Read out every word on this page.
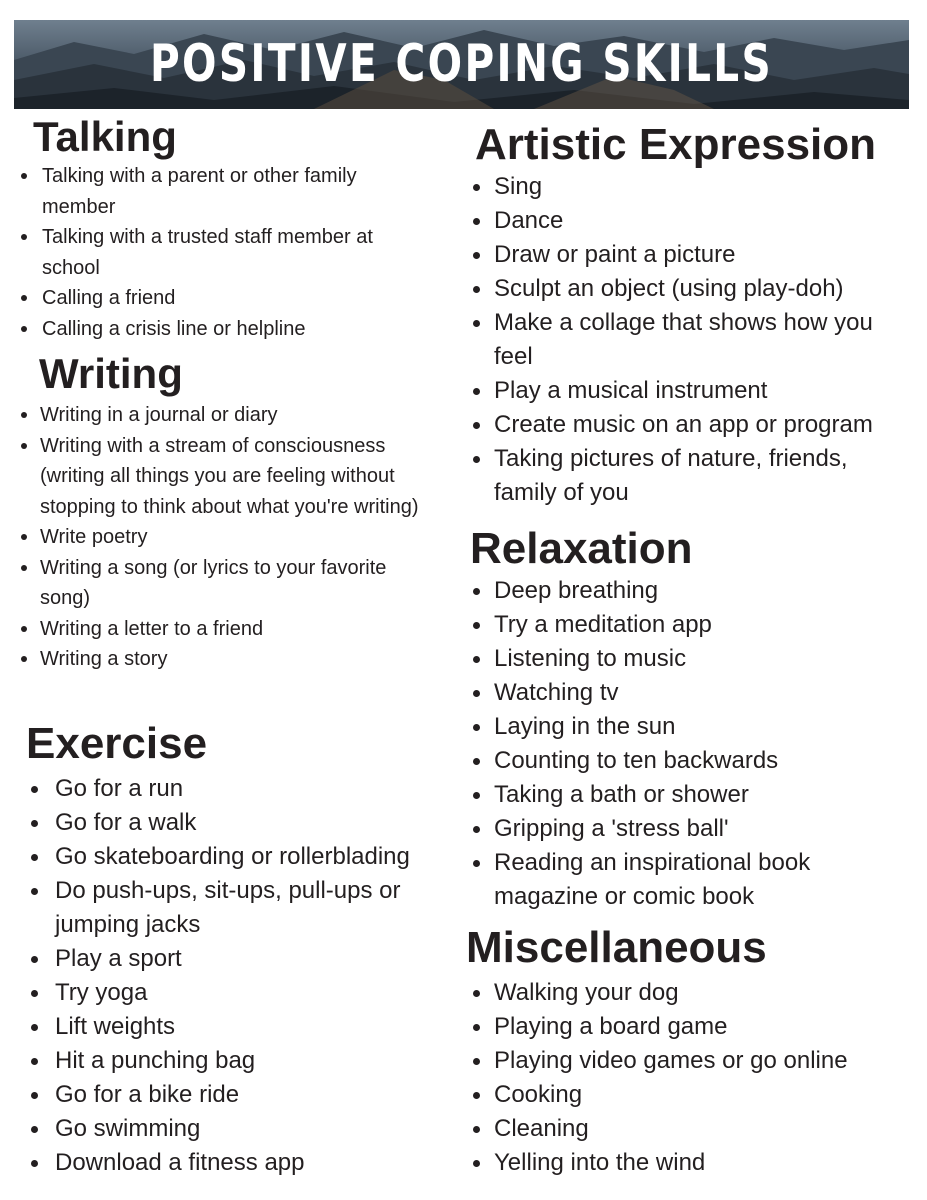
POSITIVE COPING SKILLS
Talking
Talking with a parent or other family member
Talking with a trusted staff member at school
Calling a friend
Calling a crisis line or helpline
Writing
Writing in a journal or diary
Writing with a stream of consciousness (writing all things you are feeling without stopping to think about what you're writing)
Write poetry
Writing a song (or lyrics to your favorite song)
Writing a letter to a friend
Writing a story
Exercise
Go for a run
Go for a walk
Go skateboarding or rollerblading
Do push-ups, sit-ups, pull-ups or jumping jacks
Play a sport
Try yoga
Lift weights
Hit a punching bag
Go for a bike ride
Go swimming
Download a fitness app
Artistic Expression
Sing
Dance
Draw or paint a picture
Sculpt an object (using play-doh)
Make a collage that shows how you feel
Play a musical instrument
Create music on an app or program
Taking pictures of nature, friends, family of you
Relaxation
Deep breathing
Try a meditation app
Listening to music
Watching tv
Laying in the sun
Counting to ten backwards
Taking a bath or shower
Gripping a 'stress ball'
Reading an inspirational book magazine or comic book
Miscellaneous
Walking your dog
Playing a board game
Playing video games or go online
Cooking
Cleaning
Yelling into the wind
